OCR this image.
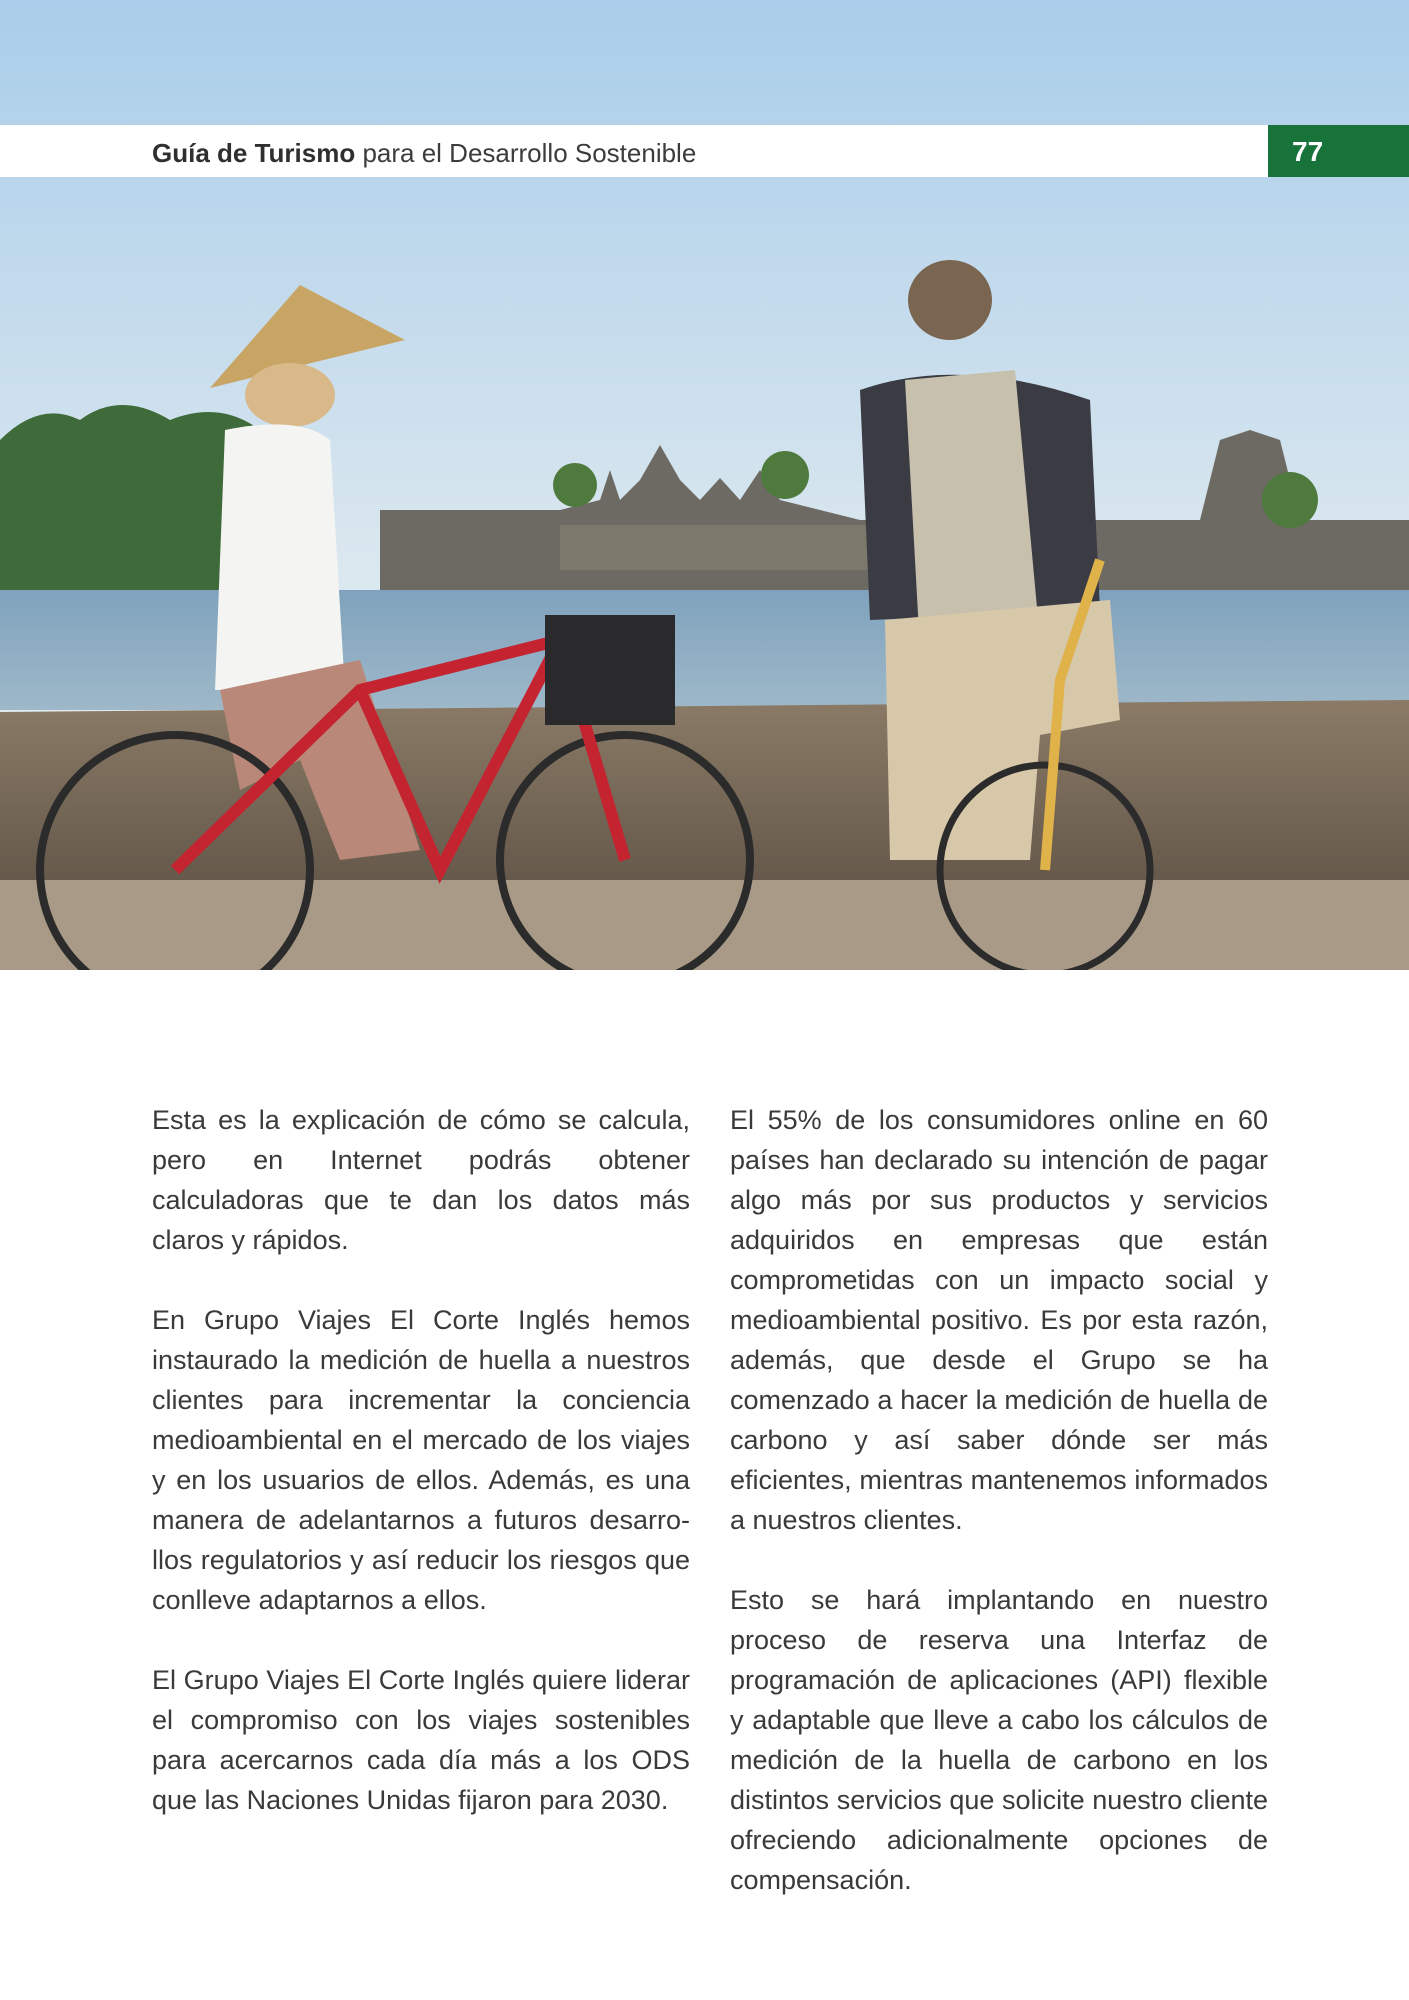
Guía de Turismo para el Desarrollo Sostenible	77

Esta es la explicación de cómo se calcula, pero en Internet podrás obtener calculadoras que te dan los datos más claros y rápidos.

En Grupo Viajes El Corte Inglés hemos instaurado la medición de huella a nuestros clientes para incrementar la conciencia medioambiental en el mercado de los viajes y en los usuarios de ellos. Además, es una manera de adelantarnos a futuros desarrollos regulatorios y así reducir los riesgos que conlleve adaptarnos a ellos.

El Grupo Viajes El Corte Inglés quiere liderar el compromiso con los viajes sostenibles para acercarnos cada día más a los ODS que las Naciones Unidas fijaron para 2030.

El 55% de los consumidores online en 60 países han declarado su intención de pagar algo más por sus productos y servicios adquiridos en empresas que están comprometidas con un impacto social y medioambiental positivo. Es por esta razón, además, que desde el Grupo se ha comenzado a hacer la medición de huella de carbono y así saber dónde ser más eficientes, mientras mantenemos informados a nuestros clientes.

Esto se hará implantando en nuestro proceso de reserva una Interfaz de programación de aplicaciones (API) flexible y adaptable que lleve a cabo los cálculos de medición de la huella de carbono en los distintos servicios que solicite nuestro cliente ofreciendo adicionalmente opciones de compensación.
